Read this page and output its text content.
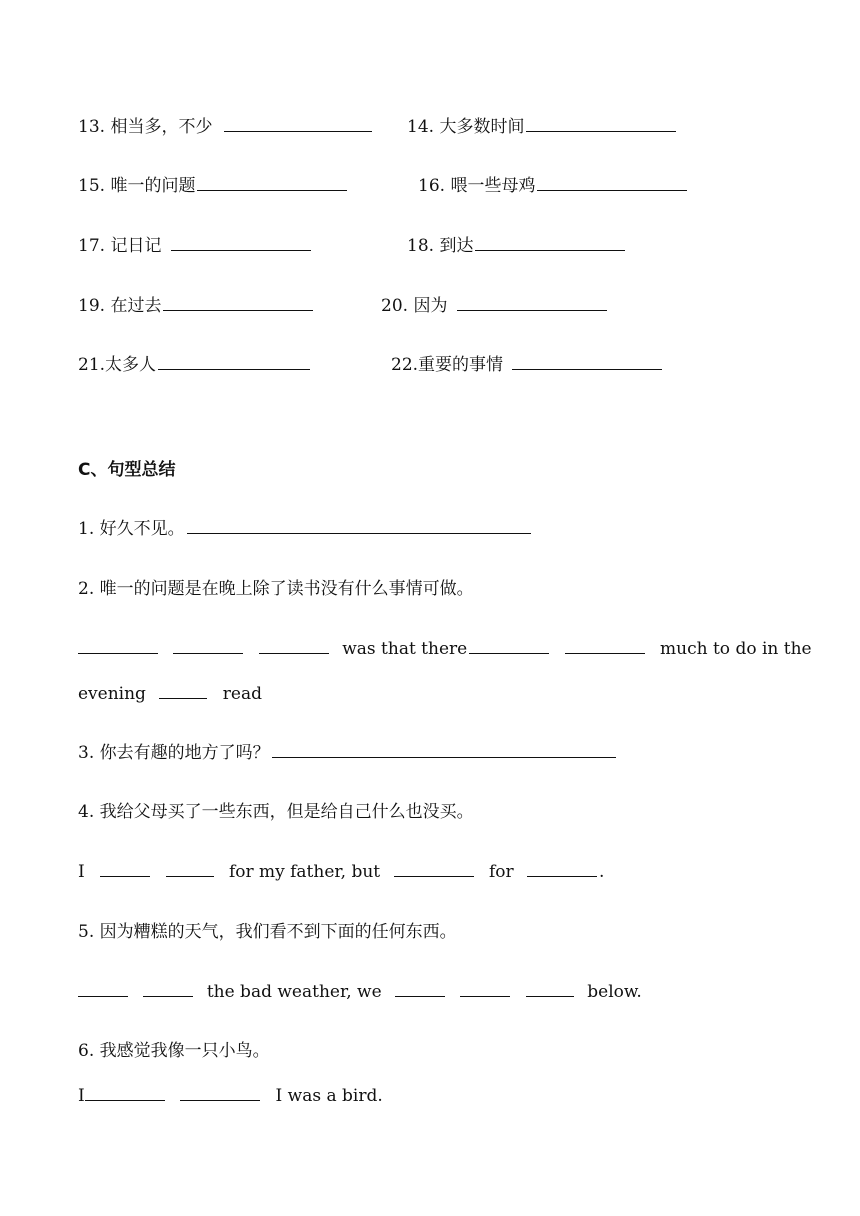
13. 相当多，不少	14. 大多数时间
15. 唯一的问题	16. 喂一些母鸡
17. 记日记	18. 到达
19. 在过去	20. 因为
21.太多人	22.重要的事情
C、句型总结
1. 好久不见。
2. 唯一的问题是在晚上除了读书没有什么事情可做。
was that there	much to do in the
evening	read
3. 你去有趣的地方了吗？
4. 我给父母买了一些东西，但是给自己什么也没买。
I	for my father, but	for	.
5. 因为糟糕的天气，我们看不到下面的任何东西。
the bad weather, we	below.
6. 我感觉我像一只小鸟。
I	I was a bird.
